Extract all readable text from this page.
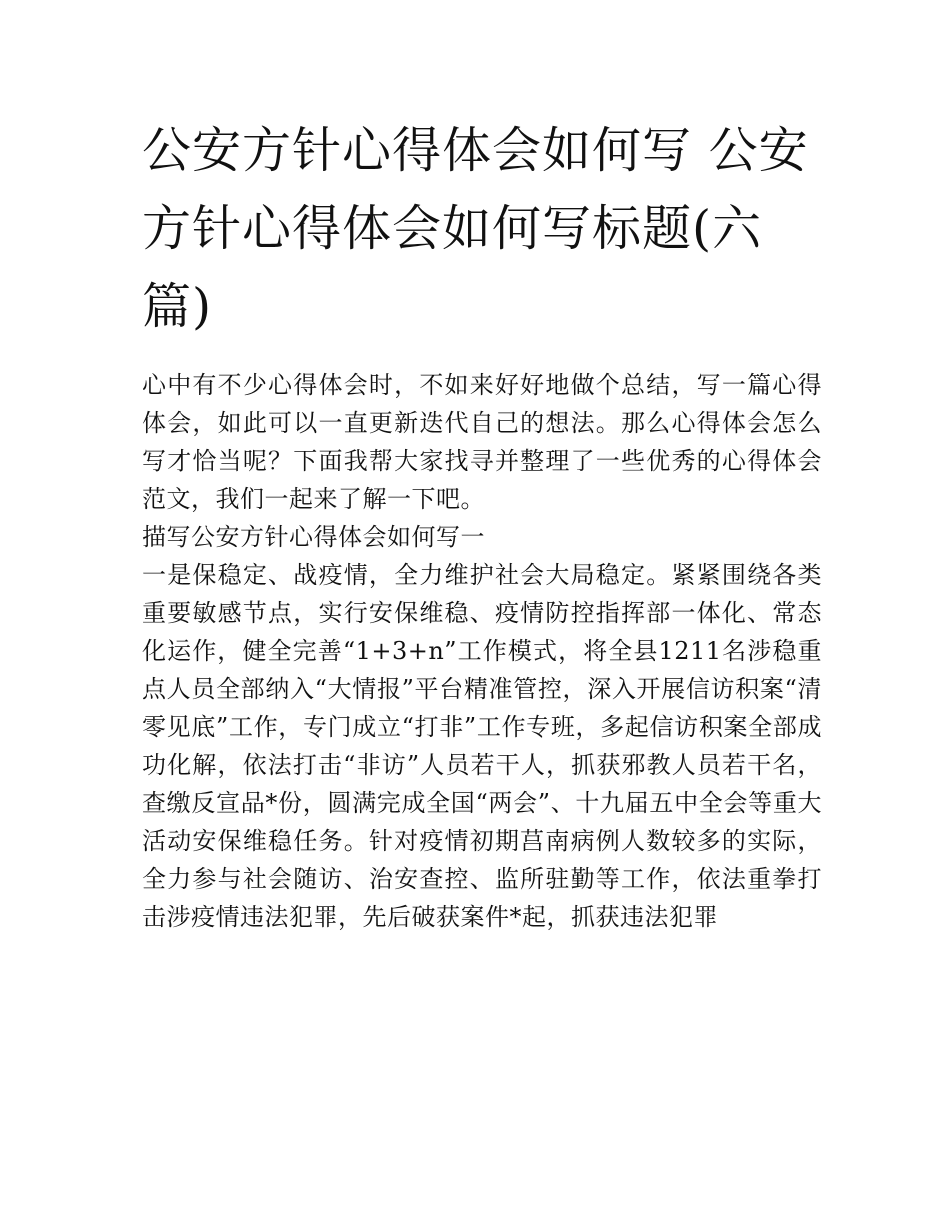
公安方针心得体会如何写 公安方针心得体会如何写标题(六篇)

心中有不少心得体会时，不如来好好地做个总结，写一篇心得体会，如此可以一直更新迭代自己的想法。那么心得体会怎么写才恰当呢？下面我帮大家找寻并整理了一些优秀的心得体会范文，我们一起来了解一下吧。

描写公安方针心得体会如何写一

一是保稳定、战疫情，全力维护社会大局稳定。紧紧围绕各类重要敏感节点，实行安保维稳、疫情防控指挥部一体化、常态化运作，健全完善“1+3+n”工作模式，将全县1211名涉稳重点人员全部纳入“大情报”平台精准管控，深入开展信访积案“清零见底”工作，专门成立“打非”工作专班，多起信访积案全部成功化解，依法打击“非访”人员若干人，抓获邪教人员若干名，查缴反宣品*份，圆满完成全国“两会”、十九届五中全会等重大活动安保维稳任务。针对疫情初期莒南病例人数较多的实际，全力参与社会随访、治安查控、监所驻勤等工作，依法重拳打击涉疫情违法犯罪，先后破获案件*起，抓获违法犯罪
